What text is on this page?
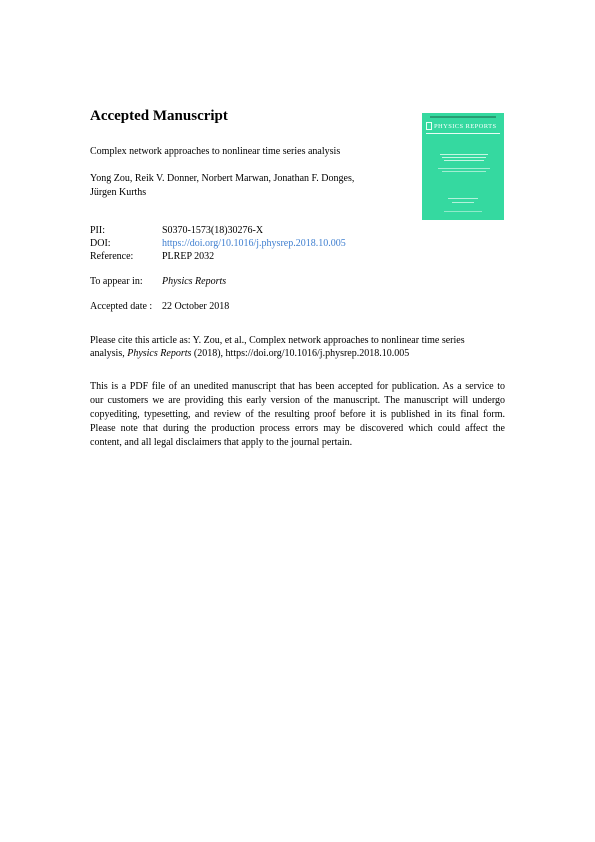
Accepted Manuscript
Complex network approaches to nonlinear time series analysis
Yong Zou, Reik V. Donner, Norbert Marwan, Jonathan F. Donges,
Jürgen Kurths
PII:	S0370-1573(18)30276-X
DOI:	https://doi.org/10.1016/j.physrep.2018.10.005
Reference:	PLREP 2032
To appear in: Physics Reports
Accepted date : 22 October 2018
Please cite this article as: Y. Zou, et al., Complex network approaches to nonlinear time series
analysis, Physics Reports (2018), https://doi.org/10.1016/j.physrep.2018.10.005
This is a PDF file of an unedited manuscript that has been accepted for publication. As a service to
our customers we are providing this early version of the manuscript. The manuscript will undergo
copyediting, typesetting, and review of the resulting proof before it is published in its final form.
Please note that during the production process errors may be discovered which could affect the
content, and all legal disclaimers that apply to the journal pertain.
PHYSICS REPORTS
